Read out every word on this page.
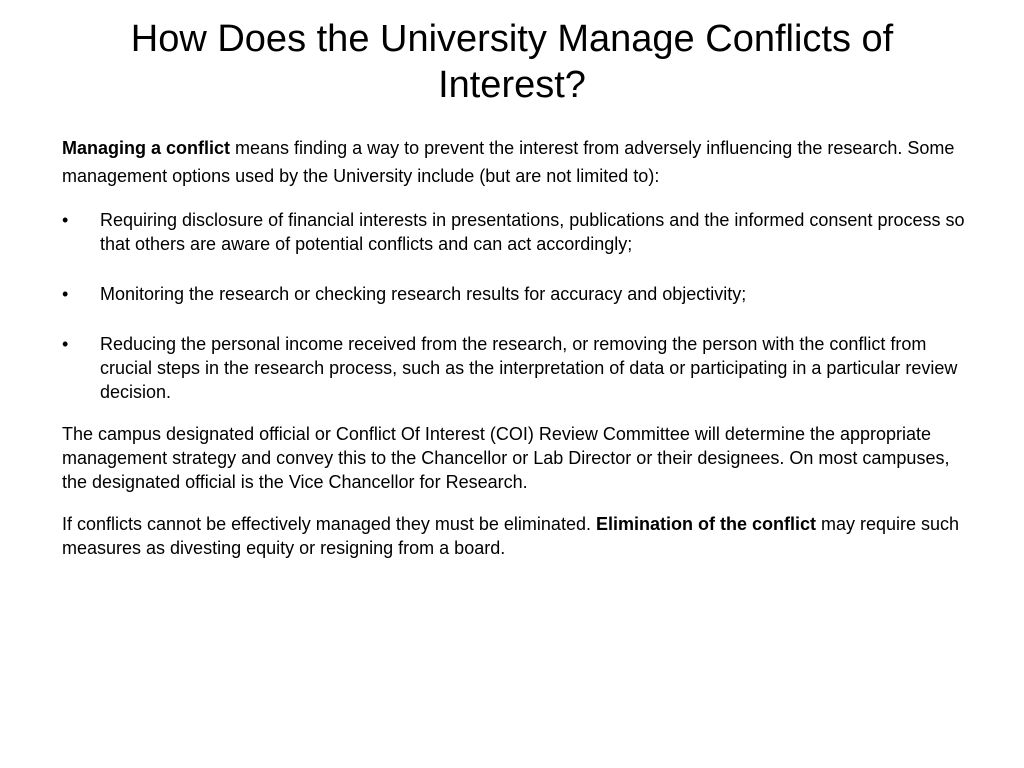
How Does the University Manage Conflicts of Interest?

Managing a conflict means finding a way to prevent the interest from adversely influencing the research. Some management options used by the University include (but are not limited to):

• Requiring disclosure of financial interests in presentations, publications and the informed consent process so that others are aware of potential conflicts and can act accordingly;
• Monitoring the research or checking research results for accuracy and objectivity;
• Reducing the personal income received from the research, or removing the person with the conflict from crucial steps in the research process, such as the interpretation of data or participating in a particular review decision.

The campus designated official or Conflict Of Interest (COI) Review Committee will determine the appropriate management strategy and convey this to the Chancellor or Lab Director or their designees. On most campuses, the designated official is the Vice Chancellor for Research.

If conflicts cannot be effectively managed they must be eliminated. Elimination of the conflict may require such measures as divesting equity or resigning from a board.
